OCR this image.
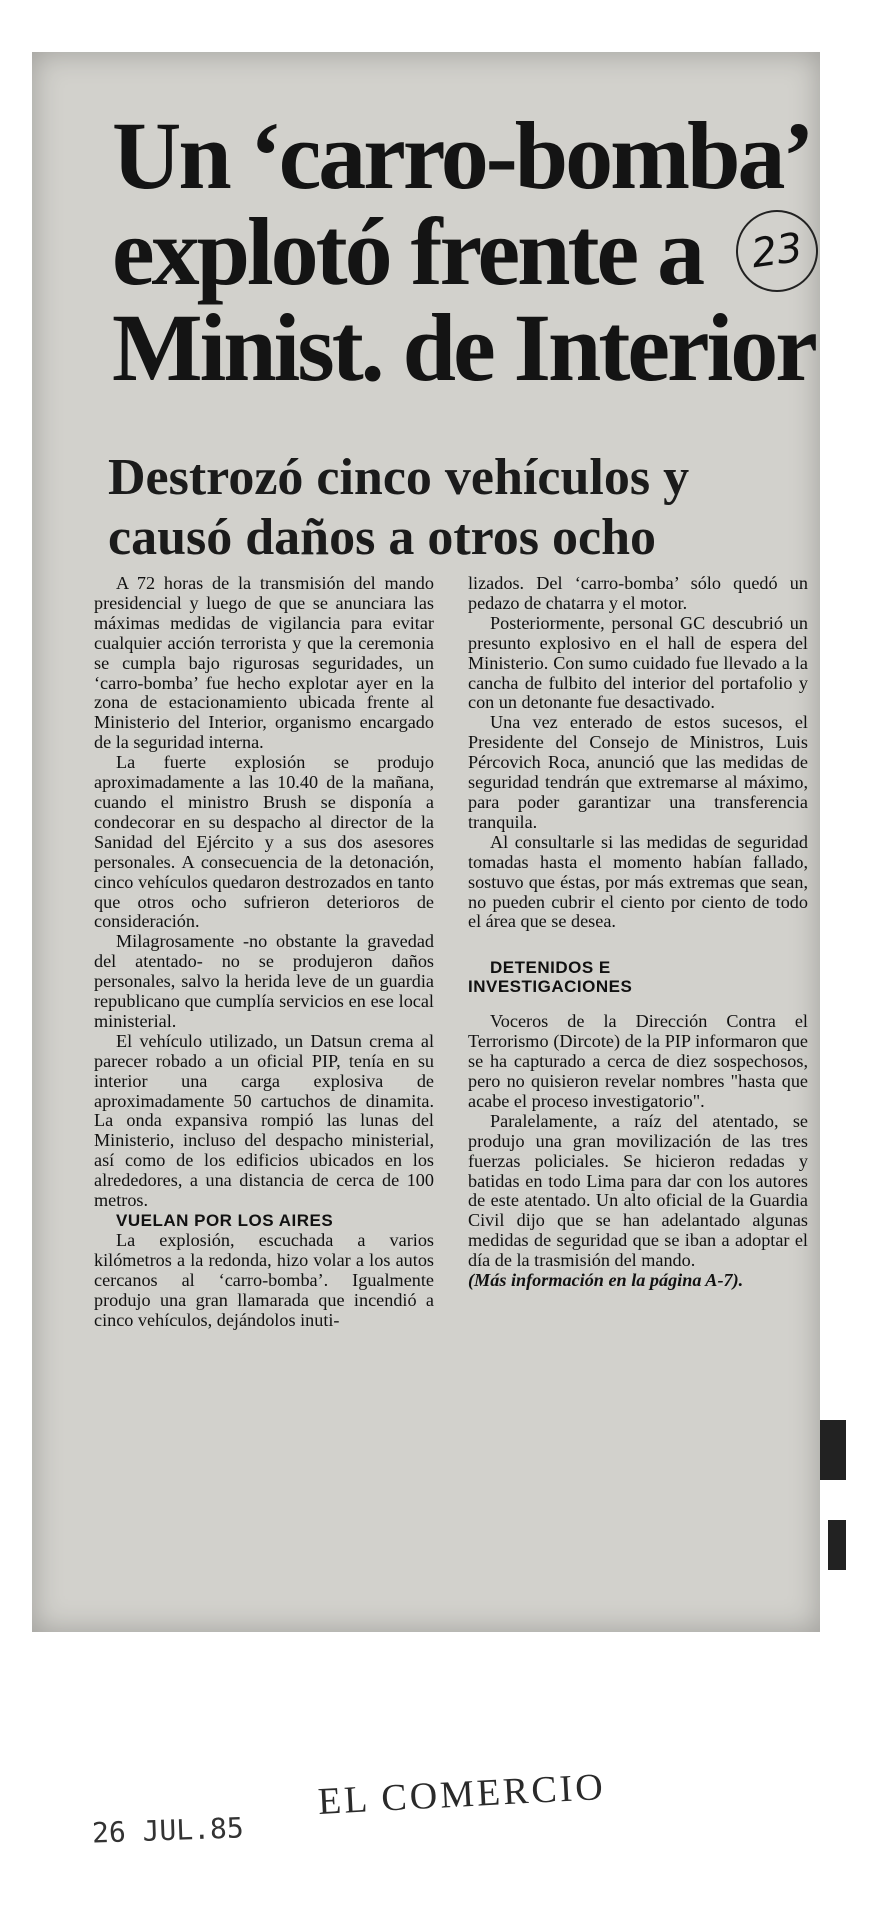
Un ‘carro-bomba’
explotó frente a
Minist. de Interior
23
Destrozó cinco vehículos y
causó daños a otros ocho

A 72 horas de la transmisión del mando presidencial y luego de que se anunciara las máximas medidas de vigilancia para evitar cualquier acción terrorista y que la ceremonia se cumpla bajo rigurosas seguridades, un ‘carro-bomba’ fue hecho explotar ayer en la zona de estacionamiento ubicada frente al Ministerio del Interior, organismo encargado de la seguridad interna.

La fuerte explosión se produjo aproximadamente a las 10.40 de la mañana, cuando el ministro Brush se disponía a condecorar en su despacho al director de la Sanidad del Ejército y a sus dos asesores personales. A consecuencia de la detonación, cinco vehículos quedaron destrozados en tanto que otros ocho sufrieron deterioros de consideración.

Milagrosamente -no obstante la gravedad del atentado- no se produjeron daños personales, salvo la herida leve de un guardia republicano que cumplía servicios en ese local ministerial.

El vehículo utilizado, un Datsun crema al parecer robado a un oficial PIP, tenía en su interior una carga explosiva de aproximadamente 50 cartuchos de dinamita. La onda expansiva rompió las lunas del Ministerio, incluso del despacho ministerial, así como de los edificios ubicados en los alrededores, a una distancia de cerca de 100 metros.

VUELAN POR LOS AIRES

La explosión, escuchada a varios kilómetros a la redonda, hizo volar a los autos cercanos al ‘carro-bomba’. Igualmente produjo una gran llamarada que incendió a cinco vehículos, dejándolos inuti-

lizados. Del ‘carro-bomba’ sólo quedó un pedazo de chatarra y el motor.

Posteriormente, personal GC descubrió un presunto explosivo en el hall de espera del Ministerio. Con sumo cuidado fue llevado a la cancha de fulbito del interior del portafolio y con un detonante fue desactivado.

Una vez enterado de estos sucesos, el Presidente del Consejo de Ministros, Luis Pércovich Roca, anunció que las medidas de seguridad tendrán que extremarse al máximo, para poder garantizar una transferencia tranquila.

Al consultarle si las medidas de seguridad tomadas hasta el momento habían fallado, sostuvo que éstas, por más extremas que sean, no pueden cubrir el ciento por ciento de todo el área que se desea.

DETENIDOS E
INVESTIGACIONES

Voceros de la Dirección Contra el Terrorismo (Dircote) de la PIP informaron que se ha capturado a cerca de diez sospechosos, pero no quisieron revelar nombres "hasta que acabe el proceso investigatorio".

Paralelamente, a raíz del atentado, se produjo una gran movilización de las tres fuerzas policiales. Se hicieron redadas y batidas en todo Lima para dar con los autores de este atentado. Un alto oficial de la Guardia Civil dijo que se han adelantado algunas medidas de seguridad que se iban a adoptar el día de la trasmisión del mando.

(Más información en la página A-7).

EL COMERCIO
26 JUL.85
